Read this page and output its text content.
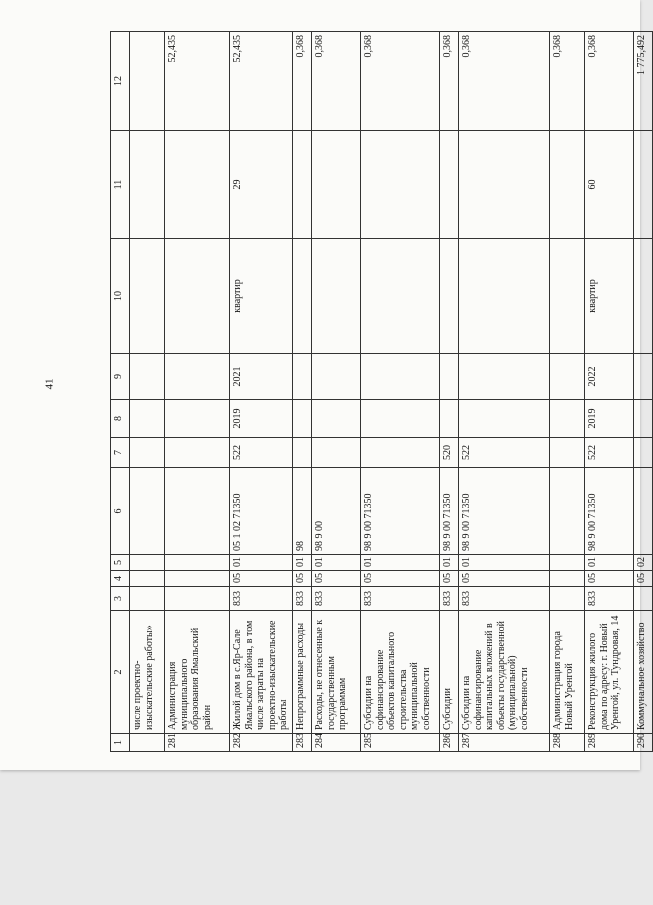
41
1	2	3	4	5	6	7	8	9	10	11	12
	числе проектно-изыскательские работы»										
281	Администрация муниципального образования Ямальский район										52,435
282	Жилой дом в с.Яр-Сале Ямальского района, в том числе затраты на проектно-изыскательские работы	833	05	01	05 1 02 71350	522	2019	2021	квартир	29	52,435
283	Непрограммные расходы	833	05	01	98						0,368
284	Расходы, не отнесенные к государственным программам	833	05	01	98 9 00						0,368
285	Субсидии на софинансирование объектов капитального строительства муниципальной собственности	833	05	01	98 9 00 71350						0,368
286	Субсидии	833	05	01	98 9 00 71350	520					0,368
287	Субсидии на софинансирование капитальных вложений в объекты государственной (муниципальной) собственности	833	05	01	98 9 00 71350	522					0,368
288	Администрация города Новый Уренгой										0,368
289	Реконструкция жилого дома по адресу: г. Новый Уренгой, ул. Тундровая, 14	833	05	01	98 9 00 71350	522	2019	2022	квартир	60	0,368
290	Коммунальное хозяйство		05	02							1 775,492
